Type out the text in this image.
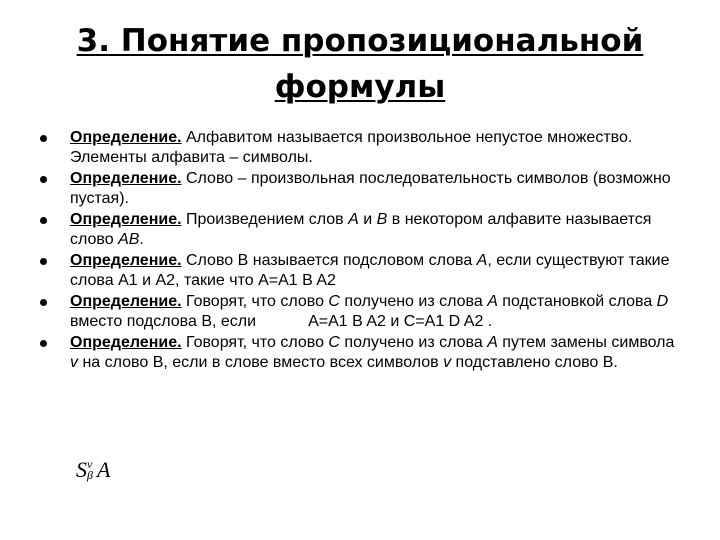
3. Понятие пропозициональной
формулы
Определение. Алфавитом называется произвольное непустое множество. Элементы алфавита – символы.
Определение. Слово – произвольная последовательность символов (возможно пустая).
Определение. Произведением слов A и B в некотором алфавите называется слово AB.
Определение. Слово B называется подсловом слова A, если существуют такие слова A1 и A2, такие что A=A1 B A2
Определение. Говорят, что слово C получено из слова A подстановкой слова D вместо подслова B, если	A=A1 B A2 и C=A1 D A2 .
Определение. Говорят, что слово C получено из слова A путем замены символа v на слово B, если в слове вместо всех символов v подставлено слово B.
S v
β A
